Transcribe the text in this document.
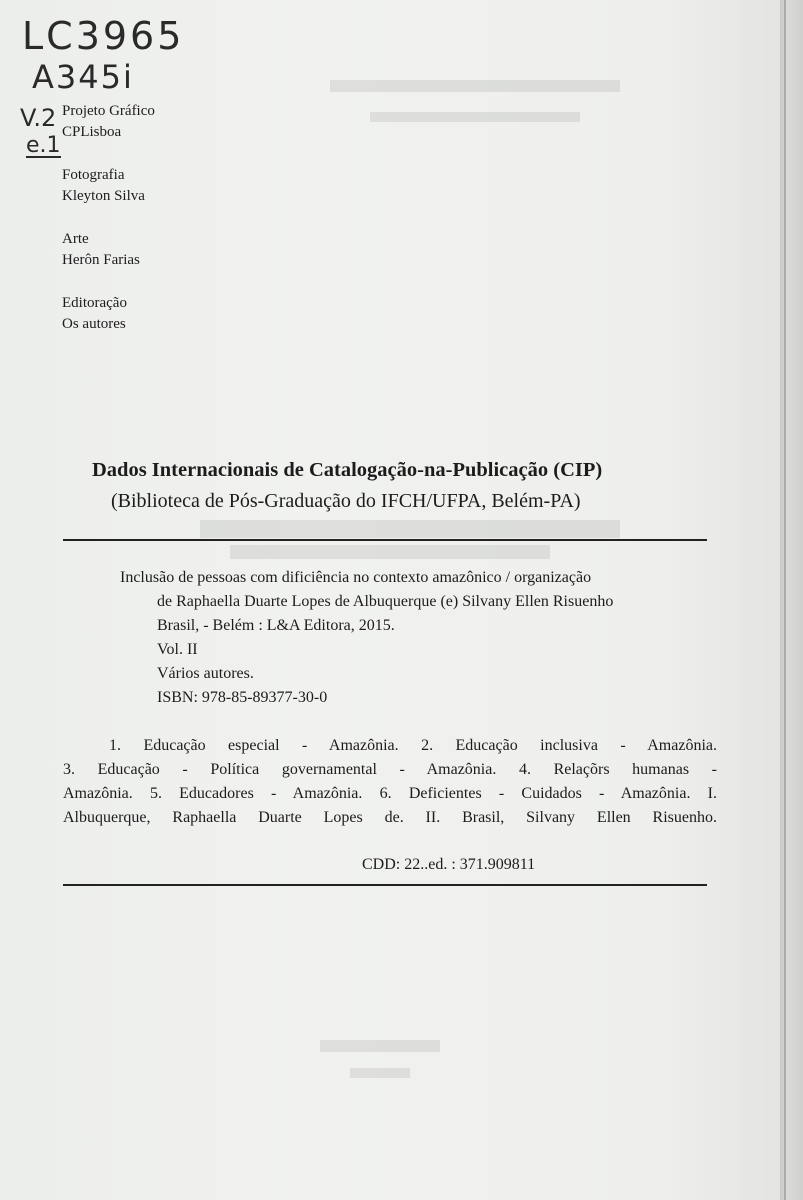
LC3965
A345i
V.2
e.1
Projeto Gráfico
CPLisboa
Fotografia
Kleyton Silva
Arte
Herôn Farias
Editoração
Os autores
Dados Internacionais de Catalogação-na-Publicação (CIP)
(Biblioteca de Pós-Graduação do IFCH/UFPA, Belém-PA)
Inclusão de pessoas com dificiência no contexto amazônico / organização
de Raphaella Duarte Lopes de Albuquerque (e) Silvany Ellen Risuenho
Brasil, - Belém : L&A Editora, 2015.
Vol. II
Vários autores.
ISBN: 978-85-89377-30-0
1. Educação especial - Amazônia. 2. Educação inclusiva - Amazônia.
3. Educação - Política governamental - Amazônia. 4. Relaçõrs humanas -
Amazônia. 5. Educadores - Amazônia. 6. Deficientes - Cuidados - Amazônia. I.
Albuquerque, Raphaella Duarte Lopes de. II. Brasil, Silvany Ellen Risuenho.
CDD: 22..ed. : 371.909811
